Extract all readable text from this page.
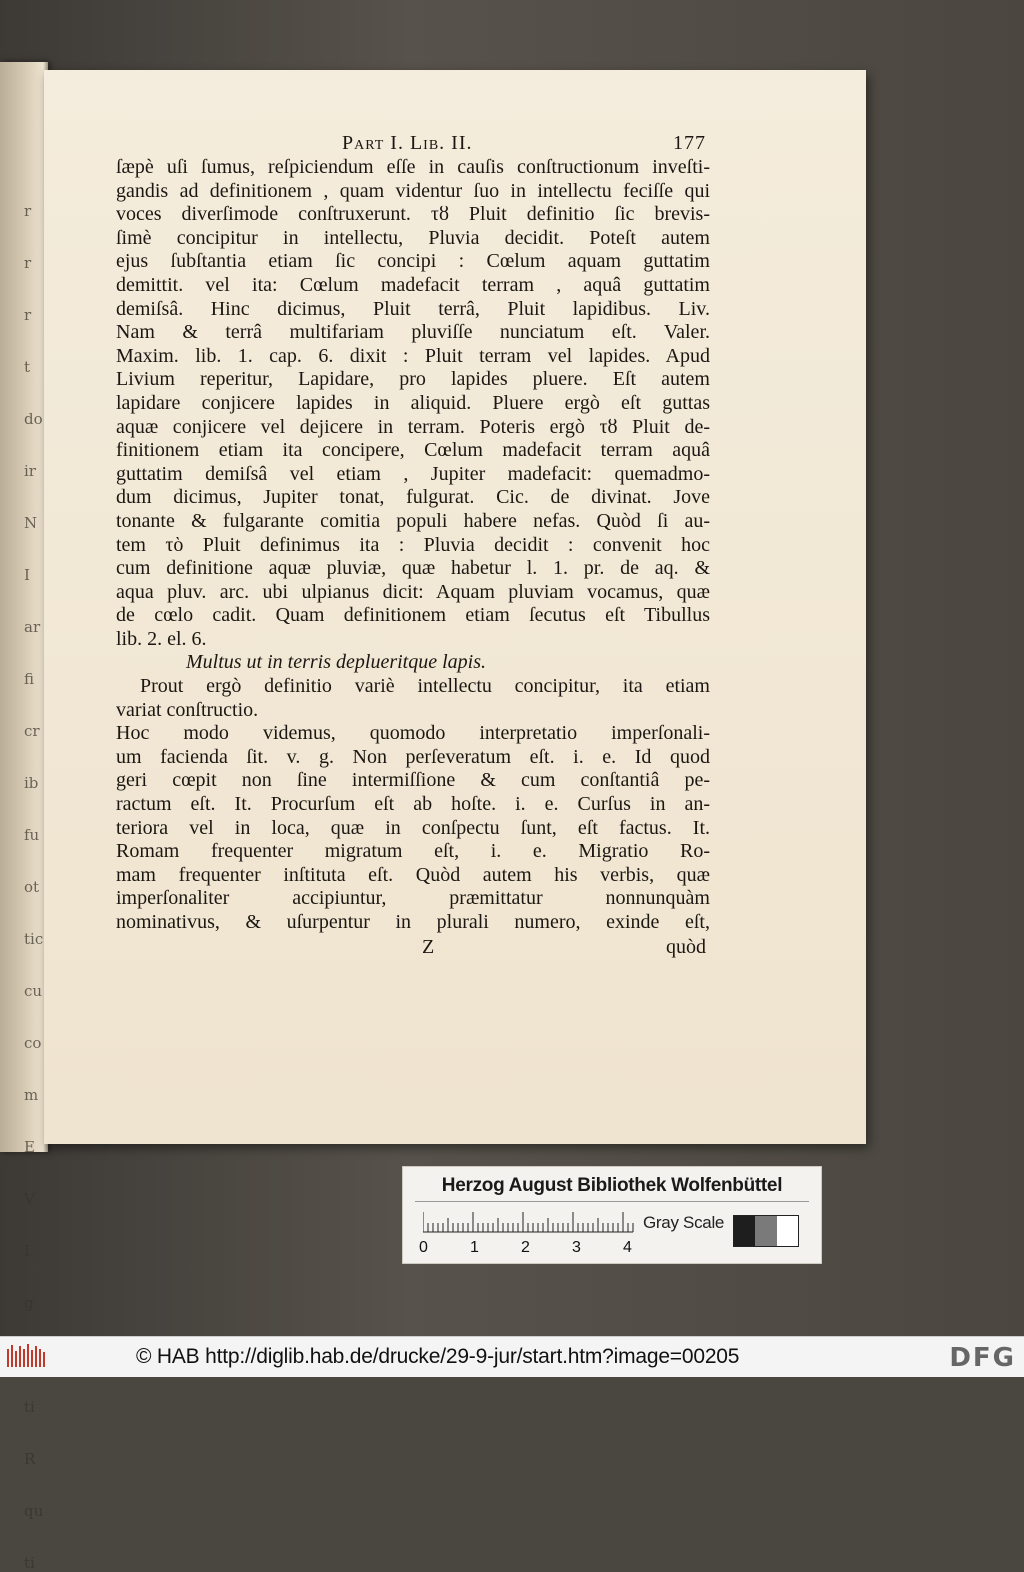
r
r
r
t
do
ir
N
I
ar
fi
cr
ib
fu
ot
tic
cu
co
m
E
V
I
g
ti
R
qu
ti
Part I. Lib. II.	177
ſæpè uſi ſumus, reſpiciendum eſſe in cauſis conſtructionum inveſti-
gandis ad definitionem , quam videntur ſuo in intellectu feciſſe qui
voces diverſimode conſtruxerunt. τȣ Pluit definitio ſic brevis-
ſimè concipitur in intellectu, Pluvia decidit. Poteſt autem
ejus ſubſtantia etiam ſic concipi : Cœlum aquam guttatim
demittit. vel ita: Cœlum madefacit terram , aquâ guttatim
demiſsâ. Hinc dicimus, Pluit terrâ, Pluit lapidibus. Liv.
Nam & terrâ multifariam pluviſſe nunciatum eſt. Valer.
Maxim. lib. 1. cap. 6. dixit : Pluit terram vel lapides. Apud
Livium reperitur, Lapidare, pro lapides pluere. Eſt autem
lapidare conjicere lapides in aliquid. Pluere ergò eſt guttas
aquæ conjicere vel dejicere in terram. Poteris ergò τȣ Pluit de-
finitionem etiam ita concipere, Cœlum madefacit terram aquâ
guttatim demiſsâ vel etiam , Jupiter madefacit: quemadmo-
dum dicimus, Jupiter tonat, fulgurat. Cic. de divinat. Jove
tonante & fulgarante comitia populi habere nefas. Quòd ſi au-
tem τὸ Pluit definimus ita : Pluvia decidit : convenit hoc
cum definitione aquæ pluviæ, quæ habetur l. 1. pr. de aq. &
aqua pluv. arc. ubi ulpianus dicit: Aquam pluviam vocamus, quæ
de cœlo cadit. Quam definitionem etiam ſecutus eſt Tibullus
lib. 2. el. 6.
Multus ut in terris deplueritque lapis.
Prout ergò definitio variè intellectu concipitur, ita etiam
variat conſtructio.
Hoc modo videmus, quomodo interpretatio imperſonali-
um facienda ſit. v. g. Non perſeveratum eſt. i. e. Id quod
geri cœpit non ſine intermiſſione & cum conſtantiâ pe-
ractum eſt. It. Procurſum eſt ab hoſte. i. e. Curſus in an-
teriora vel in loca, quæ in conſpectu ſunt, eſt factus. It.
Romam frequenter migratum eſt, i. e. Migratio Ro-
mam frequenter inſtituta eſt. Quòd autem his verbis, quæ
imperſonaliter accipiuntur, præmittatur nonnunquàm
nominativus, & uſurpentur in plurali numero, exinde eſt,
Z	quòd
Herzog August Bibliothek Wolfenbüttel
0	1	2	3	4
Gray Scale
© HAB http://diglib.hab.de/drucke/29-9-jur/start.htm?image=00205	DFG
